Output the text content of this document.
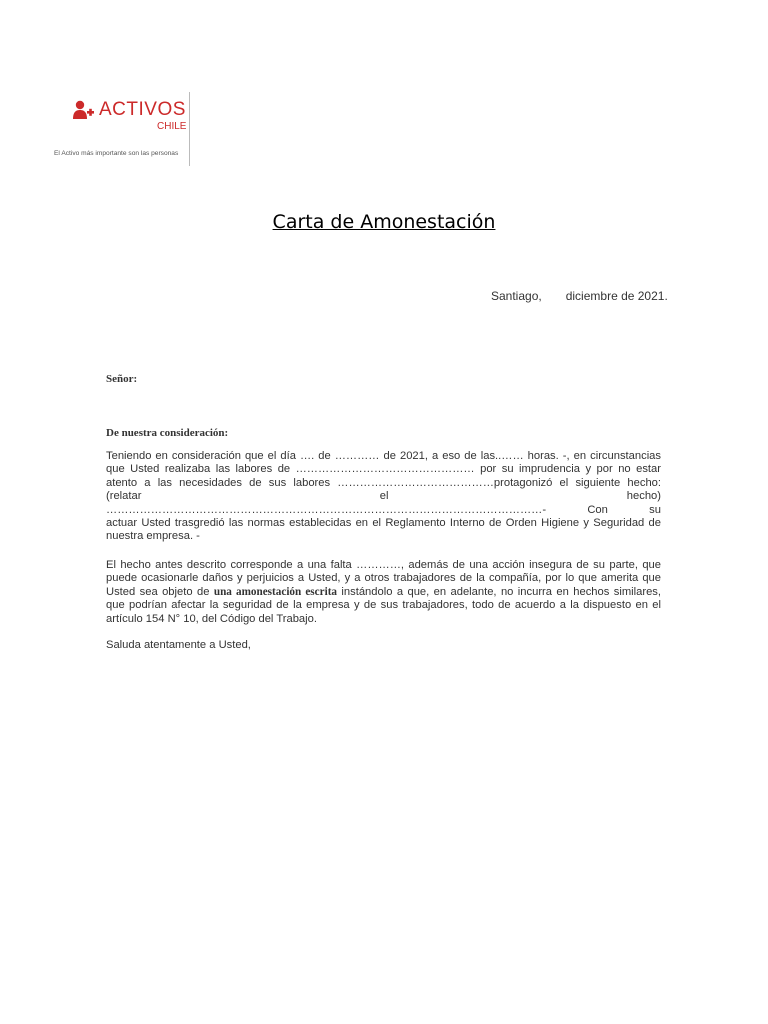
ACTIVOS
CHILE
El Activo más importante son las personas
Carta de Amonestación
Santiago, diciembre de 2021.
Señor:
De nuestra consideración:
Teniendo en consideración que el día …. de ………… de 2021, a eso de las..…… horas. -, en circunstancias
que Usted realizaba las labores de ………………………………………… por su imprudencia y por no estar
atento a las necesidades de sus labores ……………………………………protagonizó el siguiente hecho:
(relatar el hecho)
………………………………………………………………………………………………………- Con su
actuar Usted trasgredió las normas establecidas en el Reglamento Interno de Orden Higiene y Seguridad de
nuestra empresa. -
El hecho antes descrito corresponde a una falta …………, además de una acción insegura de su parte, que
puede ocasionarle daños y perjuicios a Usted, y a otros trabajadores de la compañía, por lo que amerita que
Usted sea objeto de una amonestación escrita instándolo a que, en adelante, no incurra en hechos similares,
que podrían afectar la seguridad de la empresa y de sus trabajadores, todo de acuerdo a la dispuesto en el
artículo 154 N° 10, del Código del Trabajo.
Saluda atentamente a Usted,
